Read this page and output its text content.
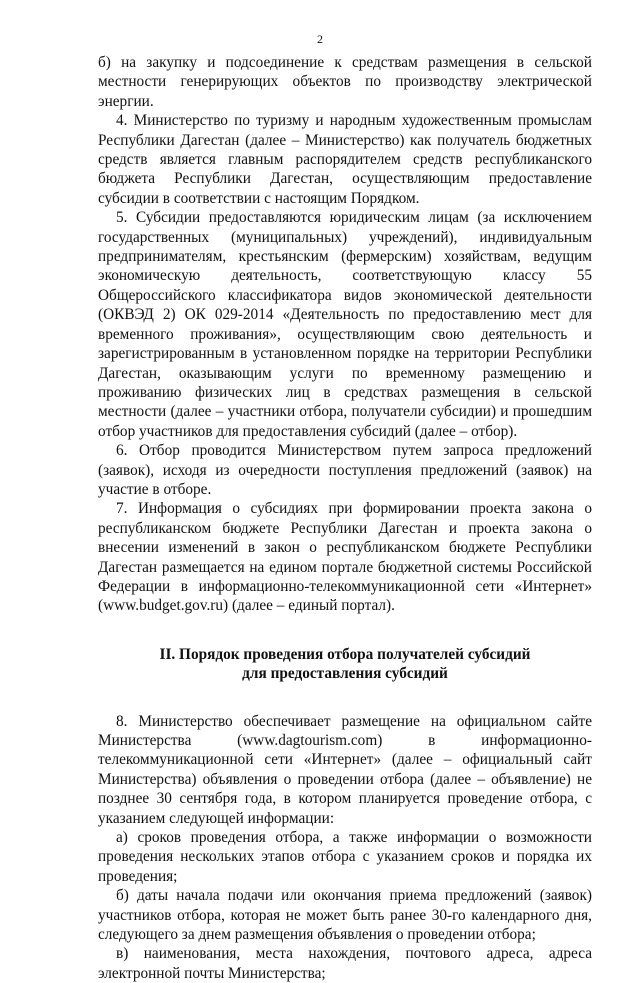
2

б) на закупку и подсоединение к средствам размещения в сельской местности генерирующих объектов по производству электрической энергии.

4. Министерство по туризму и народным художественным промыслам Республики Дагестан (далее – Министерство) как получатель бюджетных средств является главным распорядителем средств республиканского бюджета Республики Дагестан, осуществляющим предоставление субсидии в соответствии с настоящим Порядком.

5. Субсидии предоставляются юридическим лицам (за исключением государственных (муниципальных) учреждений), индивидуальным предпринимателям, крестьянским (фермерским) хозяйствам, ведущим экономическую деятельность, соответствующую классу 55 Общероссийского классификатора видов экономической деятельности (ОКВЭД 2) ОК 029-2014 «Деятельность по предоставлению мест для временного проживания», осуществляющим свою деятельность и зарегистрированным в установленном порядке на территории Республики Дагестан, оказывающим услуги по временному размещению и проживанию физических лиц в средствах размещения в сельской местности (далее – участники отбора, получатели субсидии) и прошедшим отбор участников для предоставления субсидий (далее – отбор).

6. Отбор проводится Министерством путем запроса предложений (заявок), исходя из очередности поступления предложений (заявок) на участие в отборе.

7. Информация о субсидиях при формировании проекта закона о республиканском бюджете Республики Дагестан и проекта закона о внесении изменений в закон о республиканском бюджете Республики Дагестан размещается на едином портале бюджетной системы Российской Федерации в информационно-телекоммуникационной сети «Интернет» (www.budget.gov.ru) (далее – единый портал).

II. Порядок проведения отбора получателей субсидий
для предоставления субсидий

8. Министерство обеспечивает размещение на официальном сайте Министерства (www.dagtourism.com) в информационно-телекоммуникационной сети «Интернет» (далее – официальный сайт Министерства) объявления о проведении отбора (далее – объявление) не позднее 30 сентября года, в котором планируется проведение отбора, с указанием следующей информации:

а) сроков проведения отбора, а также информации о возможности проведения нескольких этапов отбора с указанием сроков и порядка их проведения;

б) даты начала подачи или окончания приема предложений (заявок) участников отбора, которая не может быть ранее 30-го календарного дня, следующего за днем размещения объявления о проведении отбора;

в) наименования, места нахождения, почтового адреса, адреса электронной почты Министерства;
